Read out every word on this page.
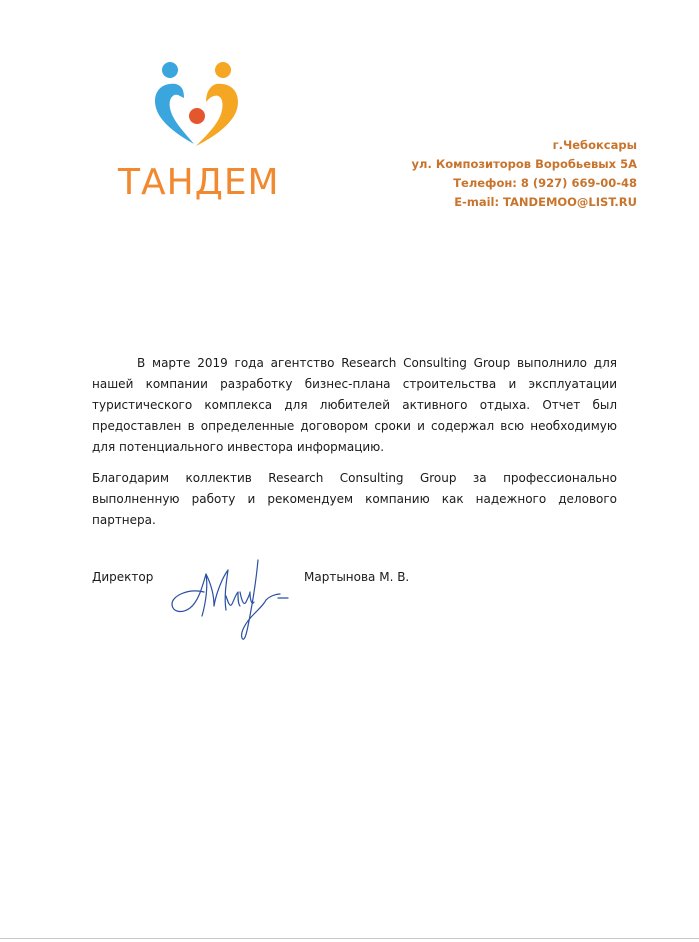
ТАНДЕМ
г.Чебоксары
ул. Композиторов Воробьевых 5А
Телефон: 8 (927) 669-00-48
E-mail: TANDEMOO@LIST.RU

В марте 2019 года агентство Research Consulting Group выполнило для нашей компании разработку бизнес-плана строительства и эксплуатации туристического комплекса для любителей активного отдыха. Отчет был предоставлен в определенные договором сроки и содержал всю необходимую для потенциального инвестора информацию.

Благодарим коллектив Research Consulting Group за профессионально выполненную работу и рекомендуем компанию как надежного делового партнера.

Директор	Мартынова М. В.
